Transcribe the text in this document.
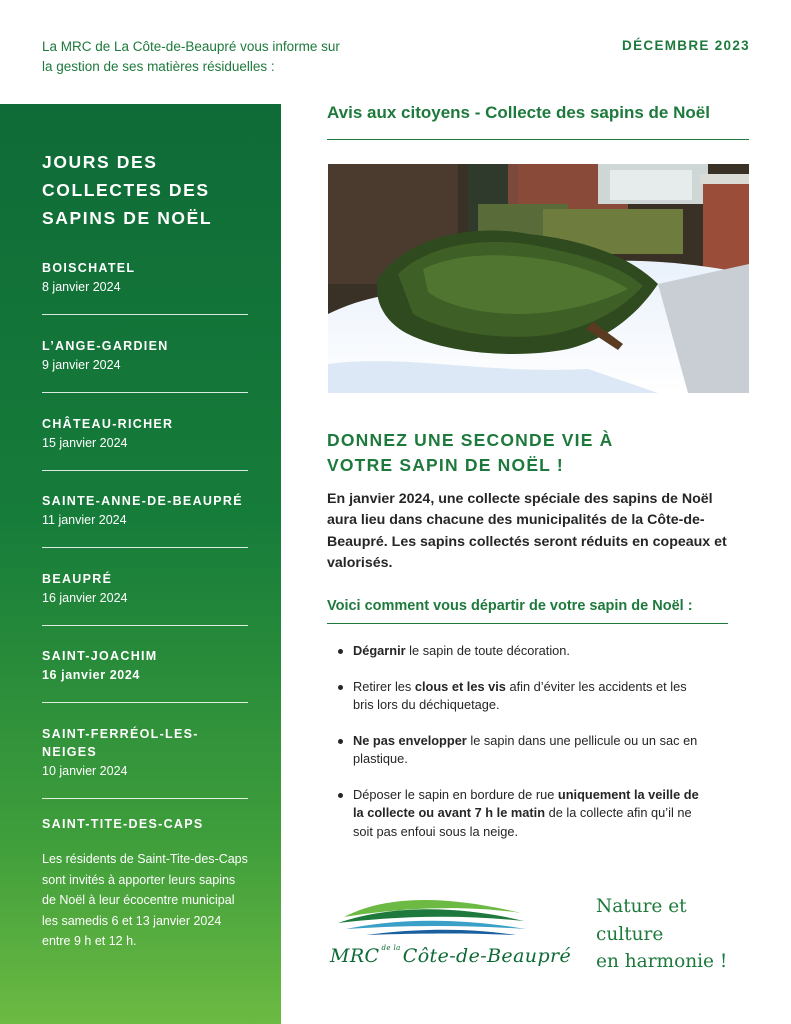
La MRC de La Côte-de-Beaupré vous informe sur
la gestion de ses matières résiduelles :
DÉCEMBRE 2023
JOURS DES COLLECTES DES SAPINS DE NOËL
BOISCHATEL
8 janvier 2024
L’ANGE-GARDIEN
9 janvier 2024
CHÂTEAU-RICHER
15 janvier 2024
SAINTE-ANNE-DE-BEAUPRÉ
11 janvier 2024
BEAUPRÉ
16 janvier 2024
SAINT-JOACHIM
16 janvier 2024
SAINT-FERRÉOL-LES-NEIGES
10 janvier 2024
SAINT-TITE-DES-CAPS
Les résidents de Saint-Tite-des-Caps sont invités à apporter leurs sapins de Noël à leur écocentre municipal les samedis 6 et 13 janvier 2024 entre 9 h et 12 h.
Avis aux citoyens - Collecte des sapins de Noël
DONNEZ UNE SECONDE VIE À
VOTRE SAPIN DE NOËL !
En janvier 2024, une collecte spéciale des sapins de Noël aura lieu dans chacune des municipalités de la Côte-de-Beaupré. Les sapins collectés seront réduits en copeaux et valorisés.
Voici comment vous départir de votre sapin de Noël :
Dégarnir le sapin de toute décoration.
Retirer les clous et les vis afin d’éviter les accidents et les bris lors du déchiquetage.
Ne pas envelopper le sapin dans une pellicule ou un sac en plastique.
Déposer le sapin en bordure de rue uniquement la veille de la collecte ou avant 7 h le matin de la collecte afin qu’il ne soit pas enfoui sous la neige.
MRC $^{de la}$ Côte-de-Beaupré
Nature et
culture
en harmonie !
